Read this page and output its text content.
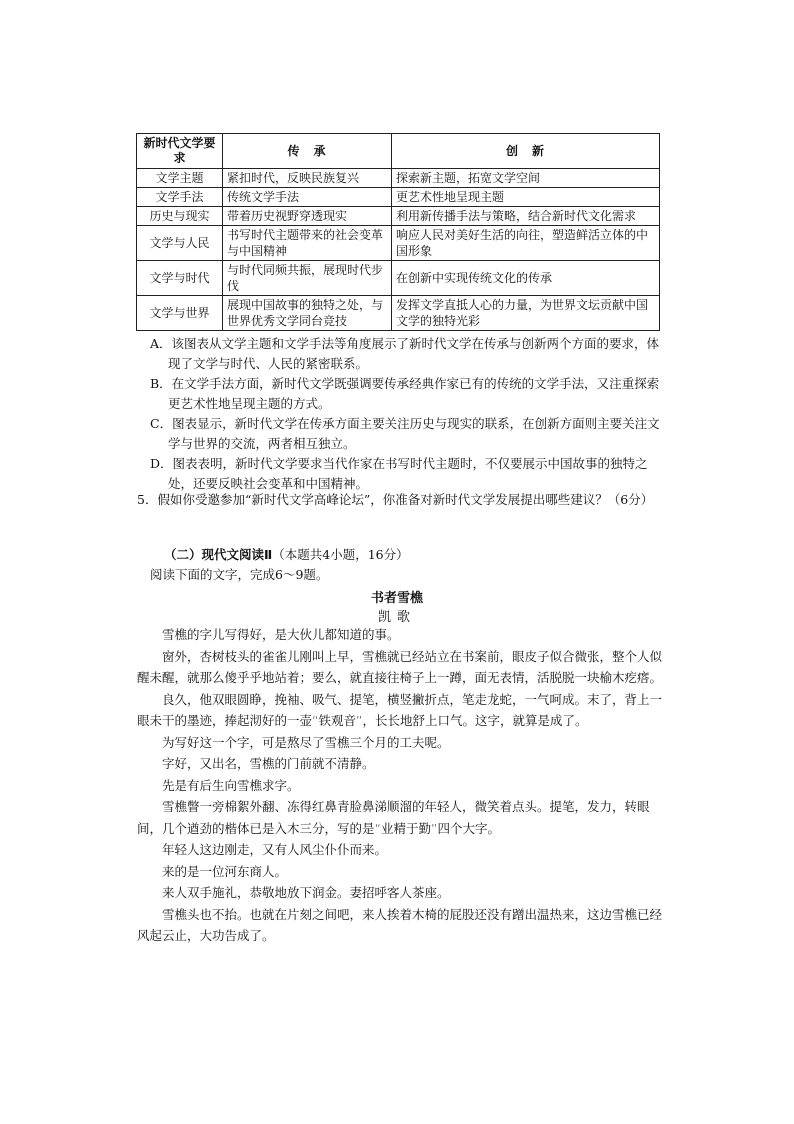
新时代文学要求	传　承	创　新
文学主题	紧扣时代，反映民族复兴	探索新主题，拓宽文学空间
文学手法	传统文学手法	更艺术性地呈现主题
历史与现实	带着历史视野穿透现实	利用新传播手法与策略，结合新时代文化需求
文学与人民	书写时代主题带来的社会变革与中国精神	响应人民对美好生活的向往，塑造鲜活立体的中国形象
文学与时代	与时代同频共振，展现时代步伐	在创新中实现传统文化的传承
文学与世界	展现中国故事的独特之处，与世界优秀文学同台竞技	发挥文学直抵人心的力量，为世界文坛贡献中国文学的独特光彩
A．该图表从文学主题和文学手法等角度展示了新时代文学在传承与创新两个方面的要求，体现了文学与时代、人民的紧密联系。
B．在文学手法方面，新时代文学既强调要传承经典作家已有的传统的文学手法，又注重探索更艺术性地呈现主题的方式。
C．图表显示，新时代文学在传承方面主要关注历史与现实的联系，在创新方面则主要关注文学与世界的交流，两者相互独立。
D．图表表明，新时代文学要求当代作家在书写时代主题时，不仅要展示中国故事的独特之处，还要反映社会变革和中国精神。
5．假如你受邀参加“新时代文学高峰论坛”，你准备对新时代文学发展提出哪些建议？（6分）
（二）现代文阅读Ⅱ（本题共4小题，16分）
阅读下面的文字，完成6～9题。
书者雪樵
凯歌

雪樵的字儿写得好，是大伙儿都知道的事。

窗外，杏树枝头的雀雀儿刚叫上早，雪樵就已经站立在书案前，眼皮子似合微张，整个人似醒未醒，就那么傻乎乎地站着；要么，就直接往椅子上一蹲，面无表情，活脱脱一块榆木疙瘩。

良久，他双眼圆睁，挽袖、吸气、提笔，横竖撇折点，笔走龙蛇，一气呵成。末了，背上一眼未干的墨迹，捧起沏好的一壶“铁观音”，长长地舒上口气。这字，就算是成了。

为写好这一个字，可是熬尽了雪樵三个月的工夫呢。

字好，又出名，雪樵的门前就不清静。

先是有后生向雪樵求字。

雪樵瞥一旁棉絮外翻、冻得红鼻青脸鼻涕顺溜的年轻人，微笑着点头。提笔，发力，转眼间，几个遒劲的楷体已是入木三分，写的是“业精于勤”四个大字。

年轻人这边刚走，又有人风尘仆仆而来。

来的是一位河东商人。

来人双手施礼，恭敬地放下润金。妻招呼客人茶座。

雪樵头也不抬。也就在片刻之间吧，来人挨着木椅的屁股还没有蹭出温热来，这边雪樵已经风起云止，大功告成了。
